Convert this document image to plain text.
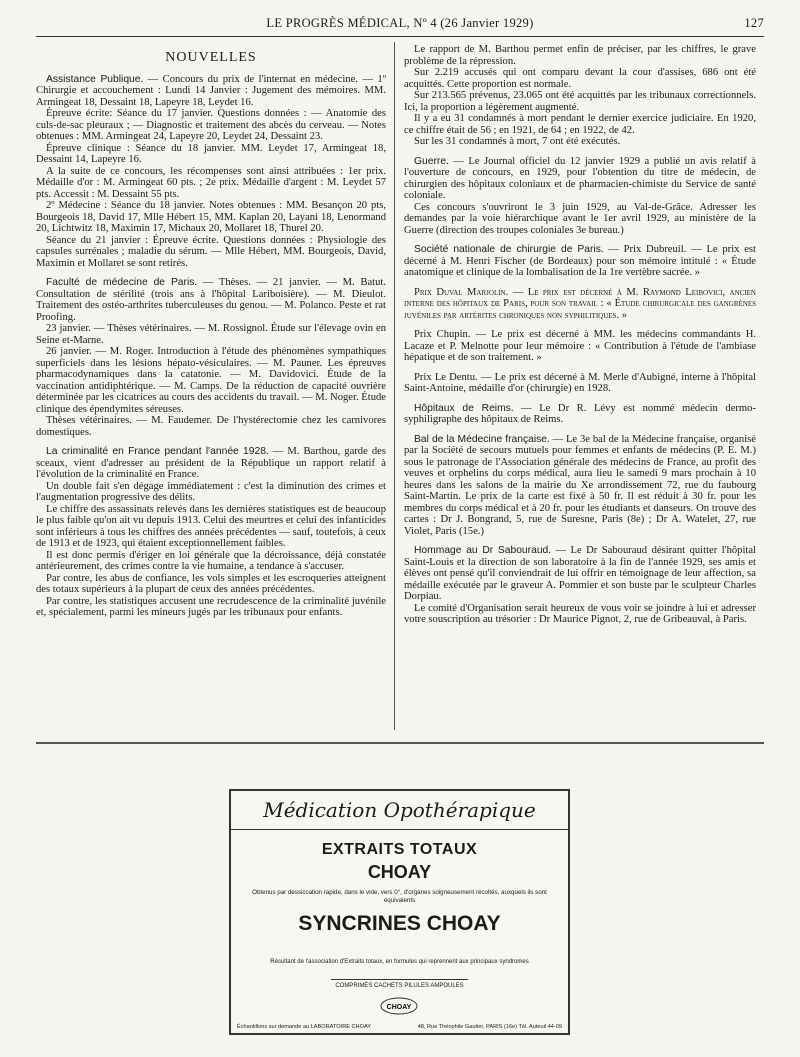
LE PROGRÈS MÉDICAL, Nº 4 (26 Janvier 1929)	127
NOUVELLES

Assistance Publique. — Concours du prix de l'internat en médecine. — 1º Chirurgie et accouchement : Lundi 14 Janvier : Jugement des mémoires. MM. Armingeat 18, Dessaint 18, Lapeyre 18, Leydet 16.

Épreuve écrite: Séance du 17 janvier. Questions données : — Anatomie des culs-de-sac pleuraux ; — Diagnostic et traitement des abcès du cerveau. — Notes obtenues : MM. Armingeat 24, Lapeyre 20, Leydet 24, Dessaint 23.

Épreuve clinique : Séance du 18 janvier. MM. Leydet 17, Armingeat 18, Dessaint 14, Lapeyre 16.

A la suite de ce concours, les récompenses sont ainsi attribuées : 1er prix. Médaille d'or : M. Armingeat 60 pts. ; 2e prix. Médaille d'argent : M. Leydet 57 pts. Accessit : M. Dessaint 55 pts.

2º Médecine : Séance du 18 janvier. Notes obtenues : MM. Besançon 20 pts, Bourgeois 18, David 17, Mlle Hébert 15, MM. Kaplan 20, Layani 18, Lenormand 20, Lichtwitz 18, Maximin 17, Michaux 20, Mollaret 18, Thurel 20.

Séance du 21 janvier : Épreuve écrite. Questions données : Physiologie des capsules surrénales ; maladie du sérum. — Mlle Hébert, MM. Bourgeois, David, Maximin et Mollaret se sont retirés.

Faculté de médecine de Paris. — Thèses. — 21 janvier. — M. Batut. Consultation de stérilité (trois ans à l'hôpital Lariboisière). — M. Dieulot. Traitement des ostéo-arthrites tuberculeuses du genou. — M. Polanco. Peste et rat Proofing.

23 janvier. — Thèses vétérinaires. — M. Rossignol. Étude sur l'élevage ovin en Seine et-Marne.

26 janvier. — M. Roger. Introduction à l'étude des phénomènes sympathiques superficiels dans les lésions hépato-vésiculaires. — M. Pauner. Les épreuves pharmacodynamiques dans la catatonie. — M. Davidovici. Étude de la vaccination antidiphtérique. — M. Camps. De la réduction de capacité ouvrière déterminée par les cicatrices au cours des accidents du travail. — M. Noger. Étude clinique des épendymites séreuses.

Thèses vétérinaires. — M. Faudemer. De l'hystérectomie chez les carnivores domestiques.

La criminalité en France pendant l'année 1928. — M. Barthou, garde des sceaux, vient d'adresser au président de la République un rapport relatif à l'évolution de la criminalité en France.

Un double fait s'en dégage immédiatement : c'est la diminution des crimes et l'augmentation progressive des délits.

Le chiffre des assassinats relevés dans les dernières statistiques est de beaucoup le plus faible qu'on ait vu depuis 1913. Celui des meurtres et celui des infanticides sont inférieurs à tous les chiffres des années précédentes — sauf, toutefois, à ceux de 1913 et de 1923, qui étaient exceptionnellement faibles.

Il est donc permis d'ériger en loi générale que la décroissance, déjà constatée antérieurement, des crimes contre la vie humaine, a tendance à s'accuser.

Par contre, les abus de confiance, les vols simples et les escroqueries atteignent des totaux supérieurs à la plupart de ceux des années précédentes.

Par contre, les statistiques accusent une recrudescence de la criminalité juvénile et, spécialement, parmi les mineurs jugés par les tribunaux pour enfants.

Le rapport de M. Barthou permet enfin de préciser, par les chiffres, le grave problème de la répression.

Sur 2.219 accusés qui ont comparu devant la cour d'assises, 686 ont été acquittés. Cette proportion est normale.

Sur 213.565 prévenus, 23.065 ont été acquittés par les tribunaux correctionnels. Ici, la proportion a légèrement augmenté.

Il y a eu 31 condamnés à mort pendant le dernier exercice judiciaire. En 1920, ce chiffre était de 56 ; en 1921, de 64 ; en 1922, de 42.

Sur les 31 condamnés à mort, 7 ont été exécutés.

Guerre. — Le Journal officiel du 12 janvier 1929 a publié un avis relatif à l'ouverture de concours, en 1929, pour l'obtention du titre de médecin, de chirurgien des hôpitaux coloniaux et de pharmacien-chimiste du Service de santé coloniale.

Ces concours s'ouvriront le 3 juin 1929, au Val-de-Grâce. Adresser les demandes par la voie hiérarchique avant le 1er avril 1929, au ministère de la Guerre (direction des troupes coloniales 3e bureau.)

Société nationale de chirurgie de Paris. — Prix Dubreuil. — Le prix est décerné à M. Henri Fischer (de Bordeaux) pour son mémoire intitulé : « Étude anatomique et clinique de la lombalisation de la 1re vertèbre sacrée. »

Prix Duval Marjolin. — Le prix est décerné à M. Raymond Leibovici, ancien interne des hôpitaux de Paris, pour son travail : « Étude chirurgicale des gangrènes juvéniles par artérites chroniques non syphilitiques. »

Prix Chupin. — Le prix est décerné à MM. les médecins commandants H. Lacaze et P. Melnotte pour leur mémoire : « Contribution à l'étude de l'ambiase hépatique et de son traitement. »

Prix Le Dentu. — Le prix est décerné à M. Merle d'Aubigné, interne à l'hôpital Saint-Antoine, médaille d'or (chirurgie) en 1928.

Hôpitaux de Reims. — Le Dr R. Lévy est nommé médecin dermo-syphiligraphe des hôpitaux de Reims.

Bal de la Médecine française. — Le 3e bal de la Médecine française, organisé par la Société de secours mutuels pour femmes et enfants de médecins (P. E. M.) sous le patronage de l'Association générale des médecins de France, au profit des veuves et orphelins du corps médical, aura lieu le samedi 9 mars prochain à 10 heures dans les salons de la mairie du Xe arrondissement 72, rue du faubourg Saint-Martin. Le prix de la carte est fixé à 50 fr. Il est réduit à 30 fr. pour les membres du corps médical et à 20 fr. pour les étudiants et danseurs. On trouve des cartes : Dr J. Bongrand, 5, rue de Suresne, Paris (8e) ; Dr A. Watelet, 27, rue Violet, Paris (15e.)

Hommage au Dr Sabouraud. — Le Dr Sabouraud désirant quitter l'hôpital Saint-Louis et la direction de son laboratoire à la fin de l'année 1929, ses amis et élèves ont pensé qu'il conviendrait de lui offrir en témoignage de leur affection, sa médaille exécutée par le graveur A. Pommier et son buste par le sculpteur Charles Dorpiau.

Le comité d'Organisation serait heureux de vous voir se joindre à lui et adresser votre souscription au trésorier : Dr Maurice Pignot, 2, rue de Gribeauval, à Paris.

Médication Opothérapique
EXTRAITS TOTAUX
CHOAY
Obtenus par dessiccation rapide, dans le vide, vers 0°, d'organes soigneusement récoltés, auxquels ils sont équivalents
SYNCRINES CHOAY
Résultant de l'association d'Extraits totaux, en formules qui reprennent aux principaux syndromes
COMPRIMÉS CACHETS PILULES AMPOULES
CHOAY
Échantillons sur demande au LABORATOIRE CHOAY	48, Rue Théophile Gautier, PARIS (16e) Tél. Auteuil 44-09
